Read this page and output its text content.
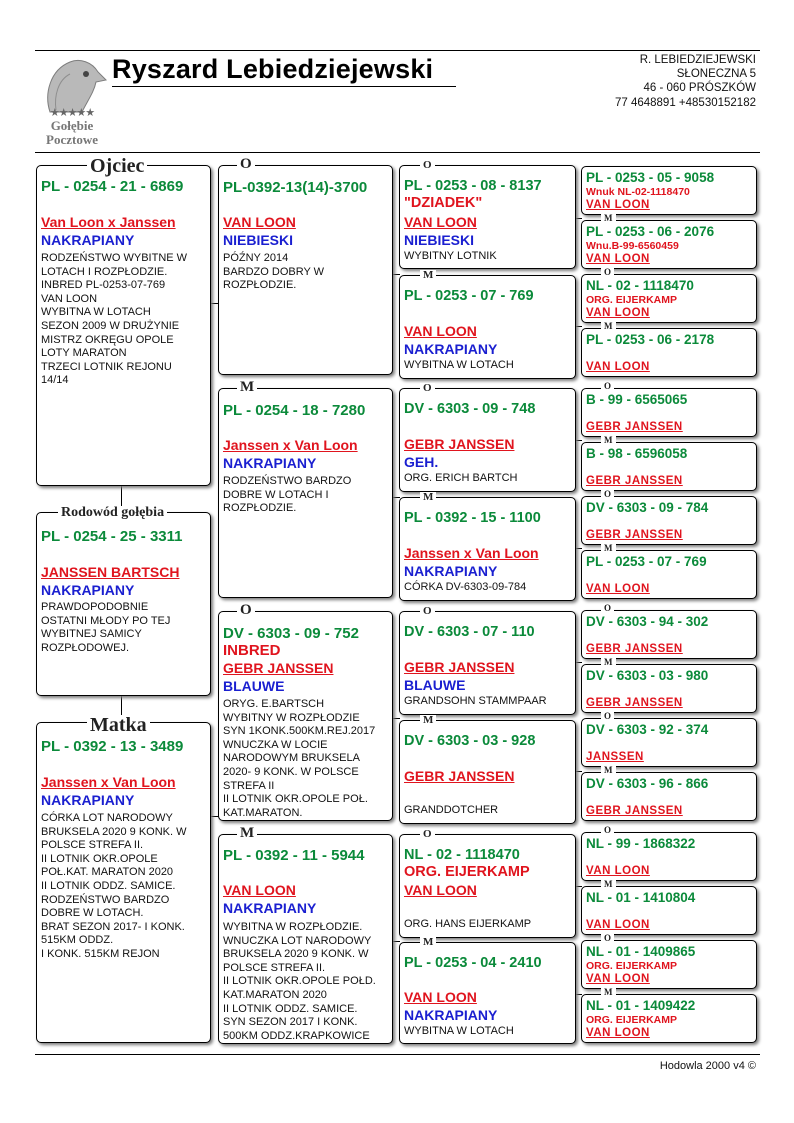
★★★★★
Gołębie
Pocztowe
Ryszard Lebiedziejewski	R. LEBIEDZIEJEWSKI
SŁONECZNA 5
46 - 060 PRÓSZKÓW
77 4648891 +48530152182
PL - 0254 - 21 - 6869
Van Loon x Janssen
NAKRAPIANY
RODZEŃSTWO WYBITNE W
LOTACH I ROZPŁODZIE.
INBRED PL-0253-07-769
VAN LOON
WYBITNA W LOTACH
SEZON 2009 W DRUŻYNIE
MISTRZ OKRĘGU OPOLE
LOTY MARATON
TRZECI LOTNIK REJONU
14/14
Ojciec
PL - 0254 - 25 - 3311
JANSSEN BARTSCH
NAKRAPIANY
PRAWDOPODOBNIE
OSTATNI MŁODY PO TEJ
WYBITNEJ SAMICY
ROZPŁODOWEJ.
Rodowód gołębia
PL - 0392 - 13 - 3489
Janssen x Van Loon
NAKRAPIANY
CÓRKA LOT NARODOWY
BRUKSELA 2020 9 KONK. W
POLSCE STREFA II.
II LOTNIK OKR.OPOLE
POŁ.KAT. MARATON 2020
II LOTNIK ODDZ. SAMICE.
RODZEŃSTWO BARDZO
DOBRE W LOTACH.
BRAT SEZON 2017- I KONK.
515KM ODDZ.
I KONK. 515KM REJON
Matka
PL-0392-13(14)-3700
VAN LOON
NIEBIESKI
PÓŹNY 2014
BARDZO DOBRY W
ROZPŁODZIE.
O
PL - 0254 - 18 - 7280
Janssen x Van Loon
NAKRAPIANY
RODZEŃSTWO BARDZO
DOBRE W LOTACH I
ROZPŁODZIE.
M
DV - 6303 - 09 - 752
INBRED
GEBR JANSSEN
BLAUWE
ORYG. E.BARTSCH
WYBITNY W ROZPŁODZIE
SYN 1KONK.500KM.REJ.2017
WNUCZKA W LOCIE
NARODOWYM BRUKSELA
2020- 9 KONK. W POLSCE
STREFA II
II LOTNIK OKR.OPOLE POŁ.
KAT.MARATON.
O
PL - 0392 - 11 - 5944
VAN LOON
NAKRAPIANY
WYBITNA W ROZPŁODZIE.
WNUCZKA LOT NARODOWY
BRUKSELA 2020 9 KONK. W
POLSCE STREFA II.
II LOTNIK OKR.OPOLE POŁD.
KAT.MARATON 2020
II LOTNIK ODDZ. SAMICE.
SYN SEZON 2017 I KONK.
500KM ODDZ.KRAPKOWICE
M
PL - 0253 - 08 - 8137
"DZIADEK"
VAN LOON
NIEBIESKI
WYBITNY LOTNIK
O
PL - 0253 - 07 - 769
VAN LOON
NAKRAPIANY
WYBITNA W LOTACH
M
DV - 6303 - 09 - 748
GEBR JANSSEN
GEH.
ORG. ERICH BARTCH
O
PL - 0392 - 15 - 1100
Janssen x Van Loon
NAKRAPIANY
CÓRKA DV-6303-09-784
M
DV - 6303 - 07 - 110
GEBR JANSSEN
BLAUWE
GRANDSOHN STAMMPAAR
O
DV - 6303 - 03 - 928
GEBR JANSSEN
GRANDDOTCHER
M
NL - 02 - 1118470
ORG. EIJERKAMP
VAN LOON
ORG. HANS EIJERKAMP
O
PL - 0253 - 04 - 2410
VAN LOON
NAKRAPIANY
WYBITNA W LOTACH
M
PL - 0253 - 05 - 9058
Wnuk NL-02-1118470
VAN LOON
PL - 0253 - 06 - 2076
Wnu.B-99-6560459
VAN LOON
M
NL - 02 - 1118470
ORG. EIJERKAMP
VAN LOON
O
PL - 0253 - 06 - 2178
VAN LOON
M
B - 99 - 6565065
GEBR JANSSEN
O
B - 98 - 6596058
GEBR JANSSEN
M
DV - 6303 - 09 - 784
GEBR JANSSEN
O
PL - 0253 - 07 - 769
VAN LOON
M
DV - 6303 - 94 - 302
GEBR JANSSEN
O
DV - 6303 - 03 - 980
GEBR JANSSEN
M
DV - 6303 - 92 - 374
JANSSEN
O
DV - 6303 - 96 - 866
GEBR JANSSEN
M
NL - 99 - 1868322
VAN LOON
O
NL - 01 - 1410804
VAN LOON
M
NL - 01 - 1409865
ORG. EIJERKAMP
VAN LOON
O
NL - 01 - 1409422
ORG. EIJERKAMP
VAN LOON
M
Hodowla 2000 v4 ©
